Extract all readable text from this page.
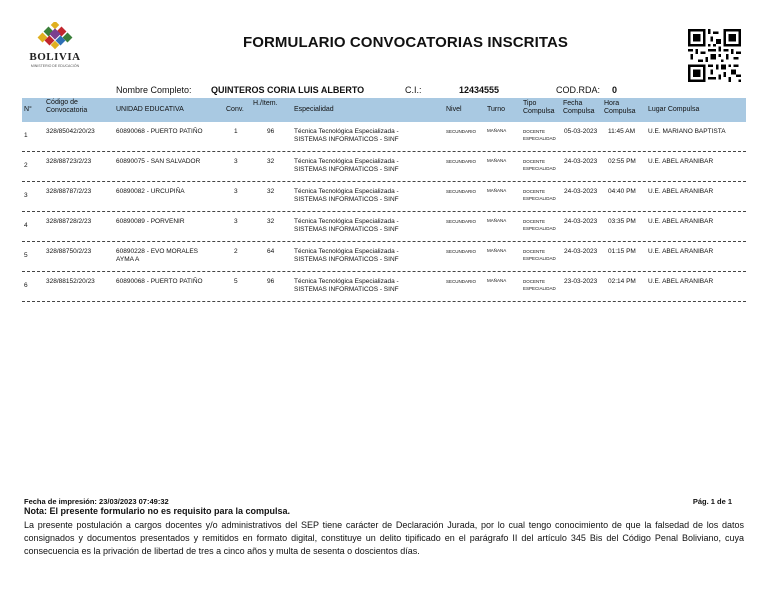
BOLIVIA
MINISTERIO DE EDUCACIÓN
FORMULARIO CONVOCATORIAS INSCRITAS
Nombre Completo: QUINTEROS CORIA LUIS ALBERTO	C.I.:	12434555	COD.RDA: 0
N°
Código de Convocatoria	UNIDAD EDUCATIVA	Conv.
H./Item.
Especialidad	Nivel	Turno
Tipo Compulsa
Fecha Compulsa
Hora Compulsa	Lugar Compulsa
1
328/85042/20/23	60890068 - PUERTO PATIÑO	1	96	Técnica Tecnológica Especializada -
SISTEMAS INFORMATICOS - SINF
SECUNDARIO MAÑANA	DOCENTE
ESPECIALIDAD
05-03-2023 11:45 AM U.E. MARIANO BAPTISTA
2
328/88723/2/23	60890075 - SAN SALVADOR	3	32	Técnica Tecnológica Especializada -
SISTEMAS INFORMATICOS - SINF
SECUNDARIO MAÑANA	DOCENTE
ESPECIALIDAD
24-03-2023 02:55 PM U.E. ABEL ARANIBAR
3
328/88787/2/23	60890082 - URCUPIÑA	3	32	Técnica Tecnológica Especializada -
SISTEMAS INFORMATICOS - SINF
SECUNDARIO MAÑANA	DOCENTE
ESPECIALIDAD
24-03-2023 04:40 PM U.E. ABEL ARANIBAR
4
328/88728/2/23	60890089 - PORVENIR	3	32	Técnica Tecnológica Especializada -
SISTEMAS INFORMATICOS - SINF
SECUNDARIO MAÑANA	DOCENTE
ESPECIALIDAD
24-03-2023 03:35 PM U.E. ABEL ARANIBAR
5
328/88750/2/23	60890228 - EVO MORALES
AYMA A
2	64	Técnica Tecnológica Especializada -
SISTEMAS INFORMATICOS - SINF
SECUNDARIO MAÑANA	DOCENTE
ESPECIALIDAD
24-03-2023 01:15 PM U.E. ABEL ARANIBAR
6
328/88152/20/23	60890068 - PUERTO PATIÑO	5	96	Técnica Tecnológica Especializada -
SISTEMAS INFORMATICOS - SINF
SECUNDARIO MAÑANA	DOCENTE
ESPECIALIDAD
23-03-2023 02:14 PM U.E. ABEL ARANIBAR
Fecha de impresión: 23/03/2023 07:49:32	Pág. 1 de 1
Nota: El presente formulario no es requisito para la compulsa.
La presente postulación a cargos docentes y/o administrativos del SEP tiene carácter de Declaración Jurada, por lo cual tengo conocimiento de que la falsedad de los datos consignados y documentos presentados y remitidos en formato digital, constituye un delito tipificado en el parágrafo II del artículo 345 Bis del Código Penal Boliviano, cuya consecuencia es la privación de libertad de tres a cinco años y multa de sesenta o doscientos días.
